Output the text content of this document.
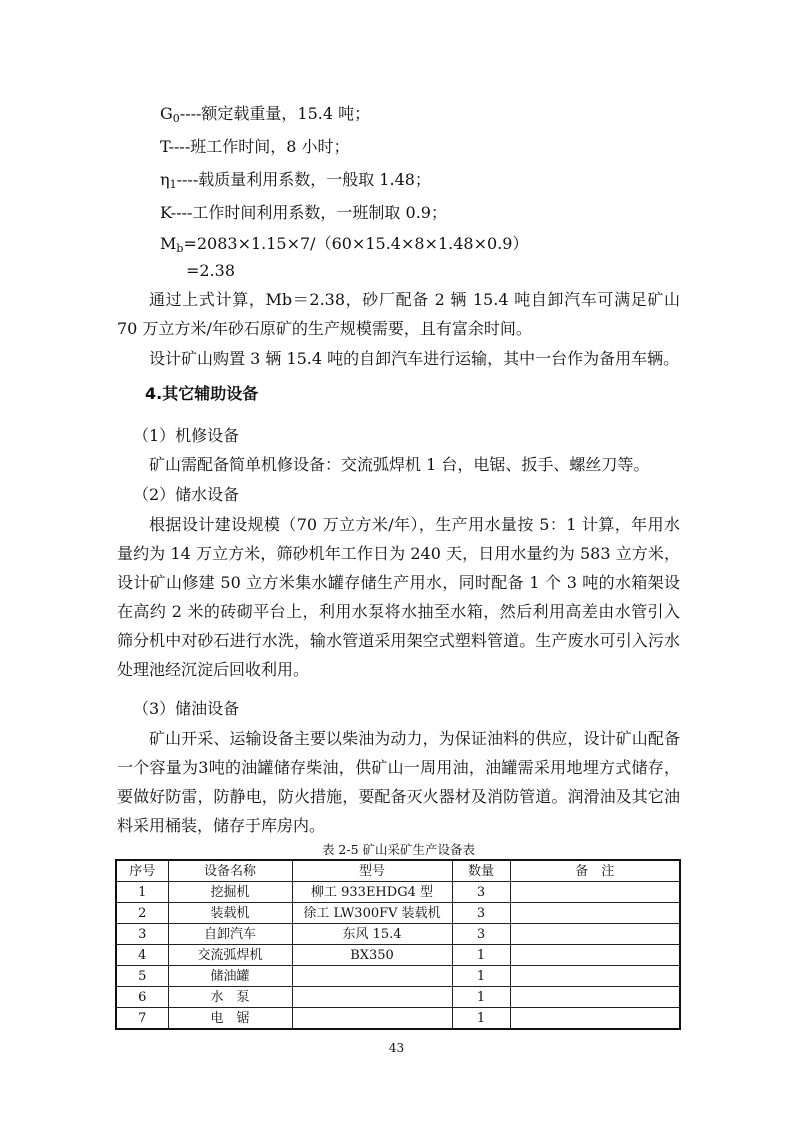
$G_0----$额定载重量，15.4 吨；
T----班工作时间，8 小时；
$\eta_1----$载质量利用系数，一般取 1.48；
K----工作时间利用系数，一班制取 0.9；
$M_b=2083\times 1.15\times 7/(60\times 15.4\times 8\times 1.48\times 0.9)$
=2.38
通过上式计算，Mb＝2.38，砂厂配备 2 辆 15.4 吨自卸汽车可满足矿山 70 万立方米/年砂石原矿的生产规模需要，且有富余时间。
设计矿山购置 3 辆 15.4 吨的自卸汽车进行运输，其中一台作为备用车辆。
4.其它辅助设备
（1）机修设备
矿山需配备简单机修设备：交流弧焊机 1 台，电锯、扳手、螺丝刀等。
（2）储水设备
根据设计建设规模（70 万立方米/年），生产用水量按 5：1 计算，年用水量约为 14 万立方米，筛砂机年工作日为 240 天，日用水量约为 583 立方米，设计矿山修建 50 立方米集水罐存储生产用水，同时配备 1 个 3 吨的水箱架设在高约 2 米的砖砌平台上，利用水泵将水抽至水箱，然后利用高差由水管引入筛分机中对砂石进行水洗，输水管道采用架空式塑料管道。生产废水可引入污水处理池经沉淀后回收利用。
（3）储油设备
矿山开采、运输设备主要以柴油为动力，为保证油料的供应，设计矿山配备一个容量为3吨的油罐储存柴油，供矿山一周用油，油罐需采用地埋方式储存，要做好防雷，防静电，防火措施，要配备灭火器材及消防管道。润滑油及其它油料采用桶装，储存于库房内。
表 2-5 矿山采矿生产设备表
序号	设备名称	型号	数量	备　注
1	挖掘机	柳工 933EHDG4 型	3	
2	装载机	徐工 LW300FV 装载机	3	
3	自卸汽车	东风 15.4	3	
4	交流弧焊机	BX350	1	
5	储油罐		1	
6	水　泵		1	
7	电　锯		1	
43
